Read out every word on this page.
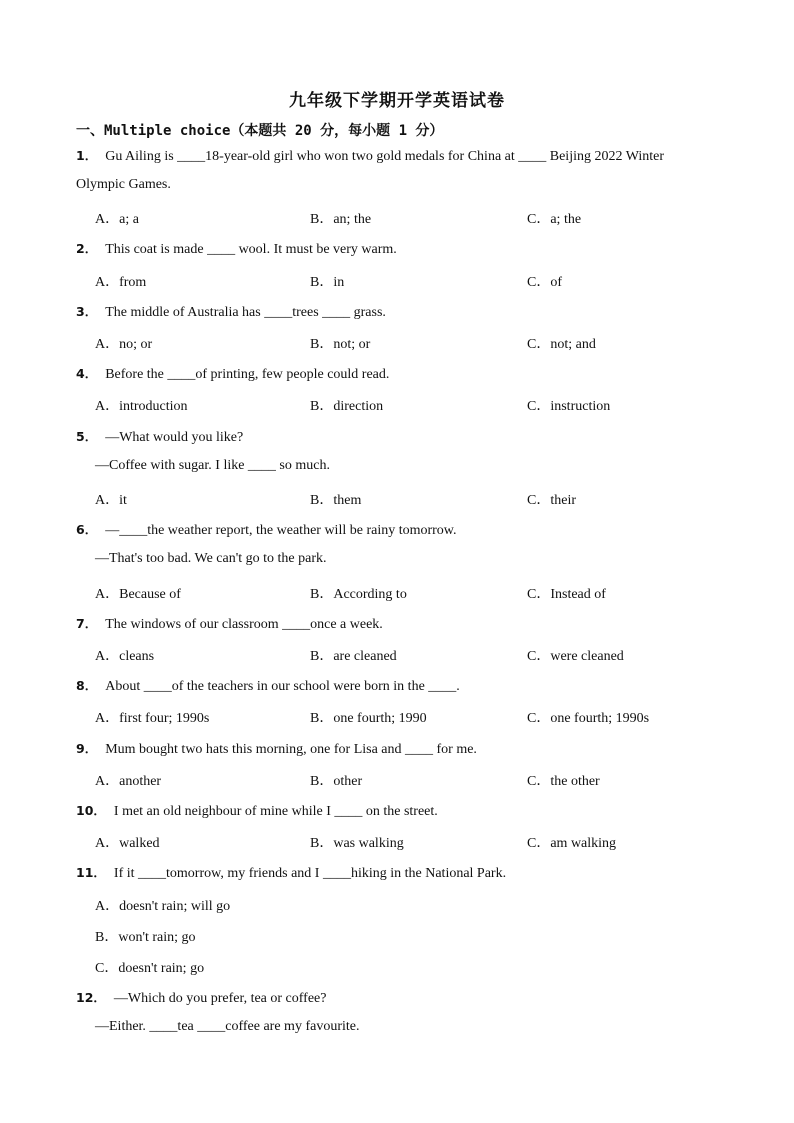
九年级下学期开学英语试卷
一、Multiple choice（本题共 20 分，每小题 1 分）
1． Gu Ailing is ____18-year-old girl who won two gold medals for China at ____ Beijing 2022 Winter
Olympic Games.
A．a; a	B．an; the	C．a; the
2． This coat is made ____ wool. It must be very warm.
A．from	B．in	C．of
3． The middle of Australia has ____trees ____ grass.
A．no; or	B．not; or	C．not; and
4． Before the ____of printing, few people could read.
A．introduction	B．direction	C．instruction
5． —What would you like?
—Coffee with sugar. I like ____ so much.
A．it	B．them	C．their
6． —____the weather report, the weather will be rainy tomorrow.
—That's too bad. We can't go to the park.
A．Because of	B．According to	C．Instead of
7． The windows of our classroom ____once a week.
A．cleans	B．are cleaned	C．were cleaned
8． About ____of the teachers in our school were born in the ____.
A．first four; 1990s	B．one fourth; 1990	C．one fourth; 1990s
9． Mum bought two hats this morning, one for Lisa and ____ for me.
A．another	B．other	C．the other
10． I met an old neighbour of mine while I ____ on the street.
A．walked	B．was walking	C．am walking
11． If it ____tomorrow, my friends and I ____hiking in the National Park.
A．doesn't rain; will go
B．won't rain; go
C．doesn't rain; go
12． —Which do you prefer, tea or coffee?
—Either. ____tea ____coffee are my favourite.
